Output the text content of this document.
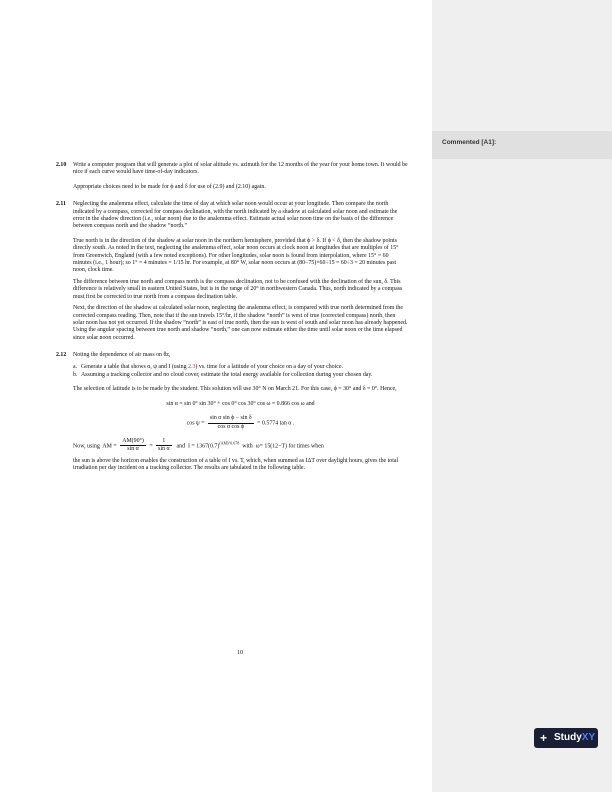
Commented [A1]:
2.10 Write a computer program that will generate a plot of solar altitude vs. azimuth for the 12 months of the year for your home town. It would be nice if each curve would have time-of-day indicators.

Appropriate choices need to be made for ϕ and δ for use of (2.9) and (2.10) again.

2.11 Neglecting the analemma effect, calculate the time of day at which solar noon would occur at your longitude. Then compare the north indicated by a compass, corrected for compass declination, with the north indicated by a shadow at calculated solar noon and estimate the error in the shadow direction (i.e., solar noon) due to the analemma effect. Estimate actual solar noon time on the basis of the difference between compass north and the shadow “north.”

True north is in the direction of the shadow at solar noon in the northern hemisphere, provided that ϕ > δ. If ϕ < δ, then the shadow points directly south. As noted in the text, neglecting the analemma effect, solar noon occurs at clock noon at longitudes that are multiples of 15° from Greenwich, England (with a few noted exceptions). For other longitudes, solar noon is found from interpolation, where 15° = 60 minutes (i.e., 1 hour); so 1° = 4 minutes = 1/15 hr. For example, at 80° W, solar noon occurs at (80−75)×60÷15 = 60÷3 = 20 minutes past noon, clock time.

The difference between true north and compass north is the compass declination, not to be confused with the declination of the sun, δ. This difference is relatively small in eastern United States, but is in the range of 20° in northwestern Canada. Thus, north indicated by a compass must first be corrected to true north from a compass declination table.

Next, the direction of the shadow at calculated solar noon, neglecting the analemma effect, is compared with true north determined from the corrected compass reading. Then, note that if the sun travels 15°/hr, if the shadow “north” is west of true (corrected compass) north, then solar noon has not yet occurred. If the shadow “north” is east of true north, then the sun is west of south and solar noon has already happened. Using the angular spacing between true north and shadow “north,” one can now estimate either the time until solar noon or the time elapsed since solar noon occurred.

2.12 Noting the dependence of air mass on θz,

a. Generate a table that shows α, ψ and I (using 2.3) vs. time for a latitude of your choice on a day of your choice.
b. Assuming a tracking collector and no cloud cover, estimate the total energy available for collection during your chosen day.

The selection of latitude is to be made by the student. This solution will use 30° N on March 21. For this case, ϕ = 30° and δ = 0°. Hence,

sin α = sin 0° sin 30° + cos 0° cos 30° cos ω = 0.866 cos ω and
$\cos \psi = \frac{\text{sin α sin ϕ − sin δ}}{\text{cos α cos ϕ}} = 0.5774$ tan α .
Now, using AM = $\frac{AM(90^\circ)}{\text{sin α}} = \frac{1}{\text{sin α}}$ and $I = 1367(0.7)^{(AM)\^{}0.678}$  with ω= 15(12−T) for times when

the sun is above the horizon enables the construction of a table of I vs. T, which, when summed as IΔT over daylight hours, gives the total irradiation per day incident on a tracking collector. The results are tabulated in the following table.

10
+ StudyXY
